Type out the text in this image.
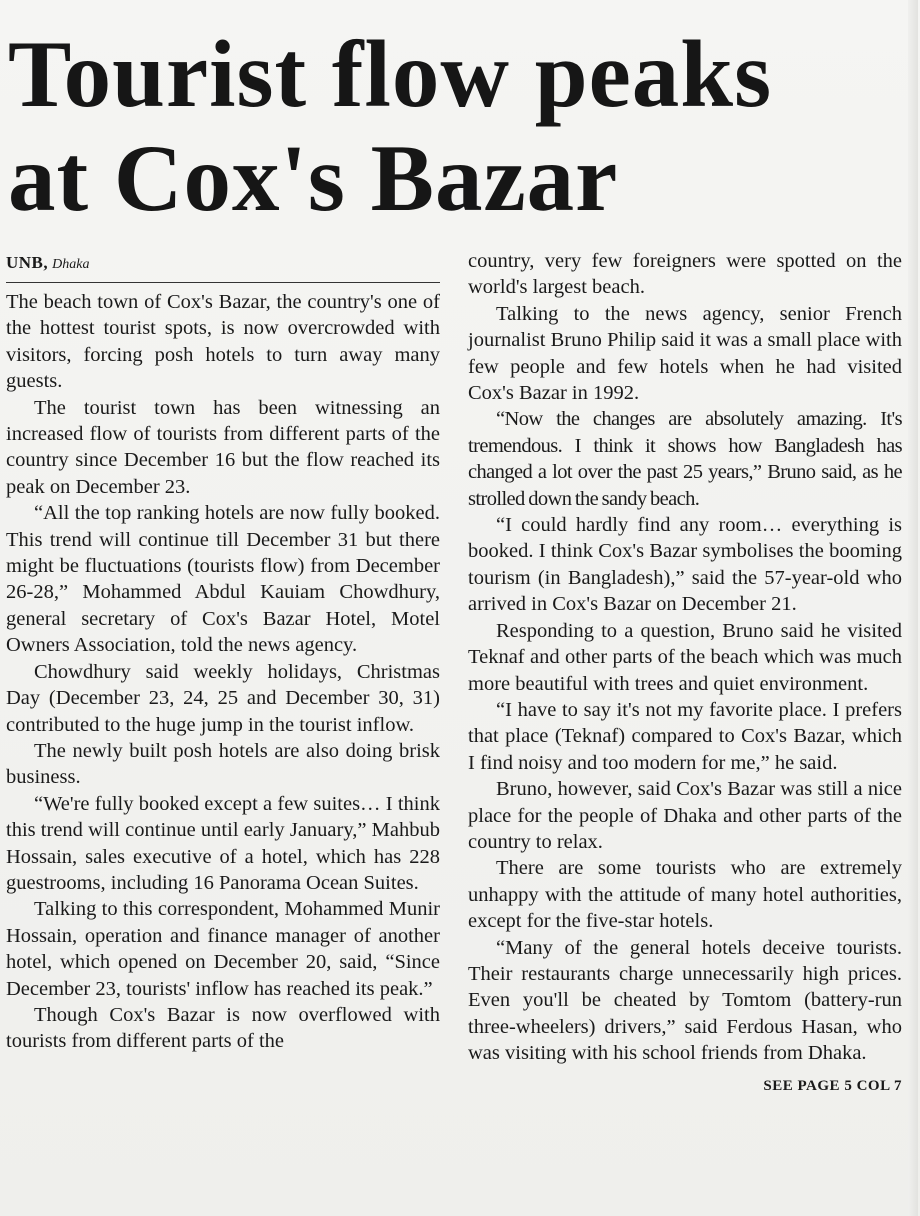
Tourist flow peaks
at Cox's Bazar
UNB, Dhaka

The beach town of Cox's Bazar, the country's one of the hottest tourist spots, is now overcrowded with visitors, forcing posh hotels to turn away many guests.

The tourist town has been witnessing an increased flow of tourists from different parts of the country since December 16 but the flow reached its peak on December 23.

“All the top ranking hotels are now fully booked. This trend will continue till December 31 but there might be fluctuations (tourists flow) from December 26-28,” Mohammed Abdul Kauiam Chowdhury, general secretary of Cox's Bazar Hotel, Motel Owners Association, told the news agency.

Chowdhury said weekly holidays, Christmas Day (December 23, 24, 25 and December 30, 31) contributed to the huge jump in the tourist inflow.

The newly built posh hotels are also doing brisk business.

“We're fully booked except a few suites… I think this trend will continue until early January,” Mahbub Hossain, sales executive of a hotel, which has 228 guestrooms, including 16 Panorama Ocean Suites.

Talking to this correspondent, Mohammed Munir Hossain, operation and finance manager of another hotel, which opened on December 20, said, “Since December 23, tourists' inflow has reached its peak.”

Though Cox's Bazar is now overflowed with tourists from different parts of the

country, very few foreigners were spotted on the world's largest beach.

Talking to the news agency, senior French journalist Bruno Philip said it was a small place with few people and few hotels when he had visited Cox's Bazar in 1992.

“Now the changes are absolutely amazing. It's tremendous. I think it shows how Bangladesh has changed a lot over the past 25 years,” Bruno said, as he strolled down the sandy beach.

“I could hardly find any room… everything is booked. I think Cox's Bazar symbolises the booming tourism (in Bangladesh),” said the 57-year-old who arrived in Cox's Bazar on December 21.

Responding to a question, Bruno said he visited Teknaf and other parts of the beach which was much more beautiful with trees and quiet environment.

“I have to say it's not my favorite place. I prefers that place (Teknaf) compared to Cox's Bazar, which I find noisy and too modern for me,” he said.

Bruno, however, said Cox's Bazar was still a nice place for the people of Dhaka and other parts of the country to relax.

There are some tourists who are extremely unhappy with the attitude of many hotel authorities, except for the five-star hotels.

“Many of the general hotels deceive tourists. Their restaurants charge unnecessarily high prices. Even you'll be cheated by Tomtom (battery-run three-wheelers) drivers,” said Ferdous Hasan, who was visiting with his school friends from Dhaka.

SEE PAGE 5 COL 7
